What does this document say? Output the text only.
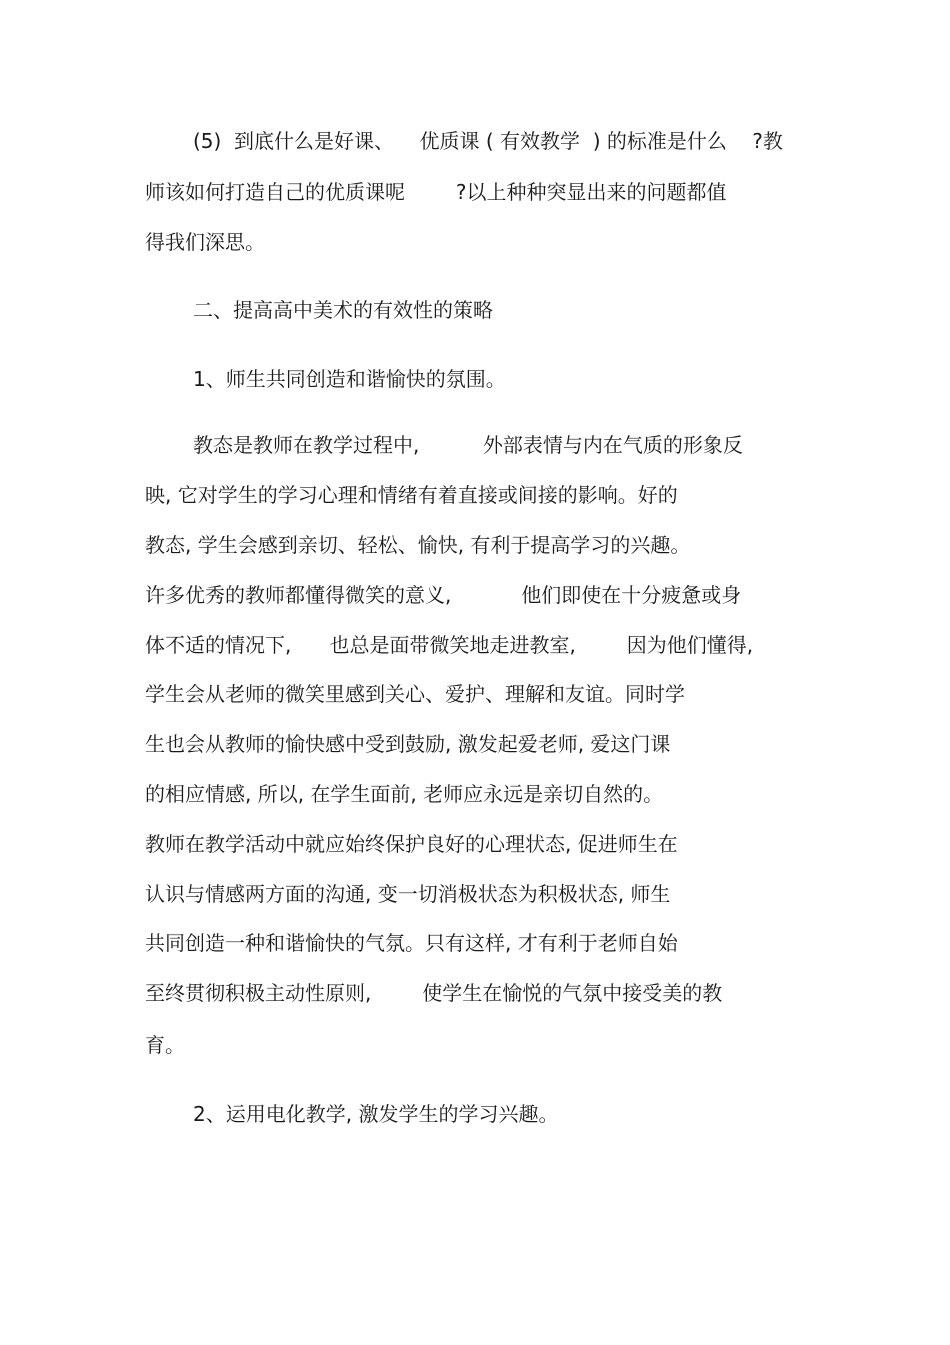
(5)  到底什么是好课、    优质课 ( 有效教学  ) 的标准是什么    ?教

师该如何打造自己的优质课呢        ?以上种种突显出来的问题都值

得我们深思。

二、提高高中美术的有效性的策略

1、师生共同创造和谐愉快的氛围。

教态是教师在教学过程中,          外部表情与内在气质的形象反

映, 它对学生的学习心理和情绪有着直接或间接的影响。好的

教态, 学生会感到亲切、轻松、愉快, 有利于提高学习的兴趣。

许多优秀的教师都懂得微笑的意义,           他们即使在十分疲惫或身

体不适的情况下,      也总是面带微笑地走进教室,        因为他们懂得,

学生会从老师的微笑里感到关心、爱护、理解和友谊。同时学

生也会从教师的愉快感中受到鼓励, 激发起爱老师, 爱这门课

的相应情感, 所以, 在学生面前, 老师应永远是亲切自然的。

教师在教学活动中就应始终保护良好的心理状态, 促进师生在

认识与情感两方面的沟通, 变一切消极状态为积极状态, 师生

共同创造一种和谐愉快的气氛。只有这样, 才有利于老师自始

至终贯彻积极主动性原则,        使学生在愉悦的气氛中接受美的教

育。

2、运用电化教学, 激发学生的学习兴趣。
